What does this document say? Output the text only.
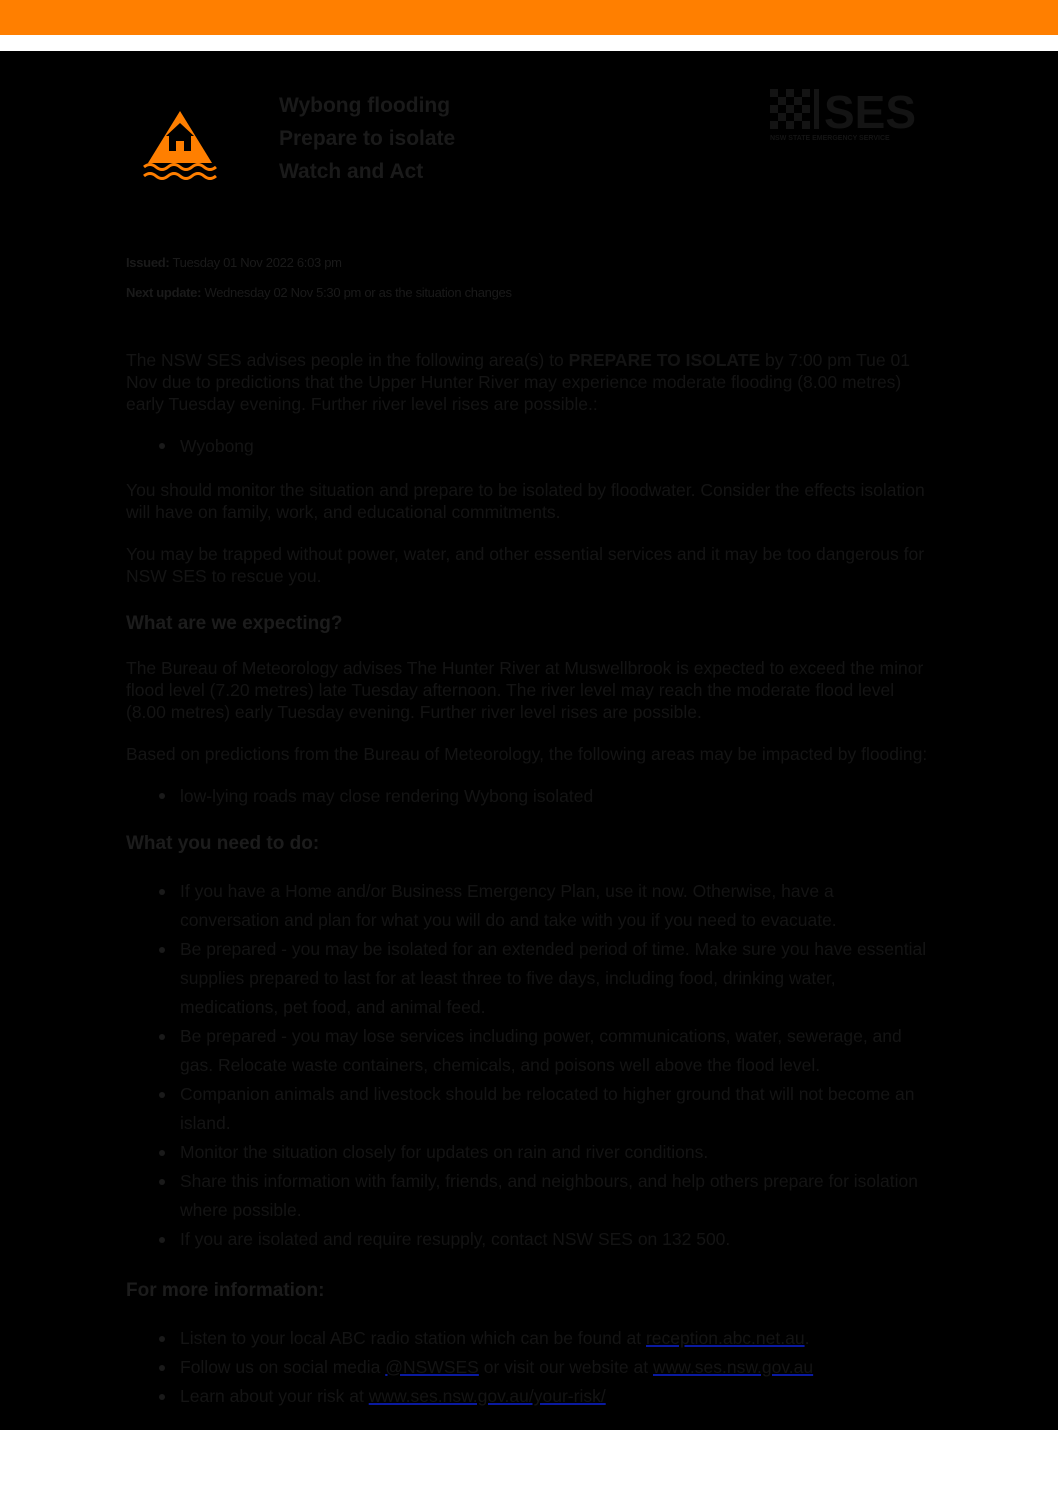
Wybong flooding
Prepare to isolate
Watch and Act
SES
NSW STATE EMERGENCY SERVICE
Issued: Tuesday 01 Nov 2022 6:03 pm
Next update: Wednesday 02 Nov 5:30 pm or as the situation changes

The NSW SES advises people in the following area(s) to PREPARE TO ISOLATE by 7:00 pm Tue 01 Nov due to predictions that the Upper Hunter River may experience moderate flooding (8.00 metres) early Tuesday evening. Further river level rises are possible.:

Wyobong

You should monitor the situation and prepare to be isolated by floodwater. Consider the effects isolation will have on family, work, and educational commitments.

You may be trapped without power, water, and other essential services and it may be too dangerous for NSW SES to rescue you.

What are we expecting?

The Bureau of Meteorology advises The Hunter River at Muswellbrook is expected to exceed the minor flood level (7.20 metres) late Tuesday afternoon. The river level may reach the moderate flood level (8.00 metres) early Tuesday evening. Further river level rises are possible.

Based on predictions from the Bureau of Meteorology, the following areas may be impacted by flooding:

low-lying roads may close rendering Wybong isolated
What you need to do:
If you have a Home and/or Business Emergency Plan, use it now. Otherwise, have a conversation and plan for what you will do and take with you if you need to evacuate.
Be prepared - you may be isolated for an extended period of time. Make sure you have essential supplies prepared to last for at least three to five days, including food, drinking water, medications, pet food, and animal feed.
Be prepared - you may lose services including power, communications, water, sewerage, and gas. Relocate waste containers, chemicals, and poisons well above the flood level.
Companion animals and livestock should be relocated to higher ground that will not become an island.
Monitor the situation closely for updates on rain and river conditions.
Share this information with family, friends, and neighbours, and help others prepare for isolation where possible.
If you are isolated and require resupply, contact NSW SES on 132 500.
For more information:
Listen to your local ABC radio station which can be found at reception.abc.net.au.
Follow us on social media @NSWSES or visit our website at www.ses.nsw.gov.au
Learn about your risk at www.ses.nsw.gov.au/your-risk/
